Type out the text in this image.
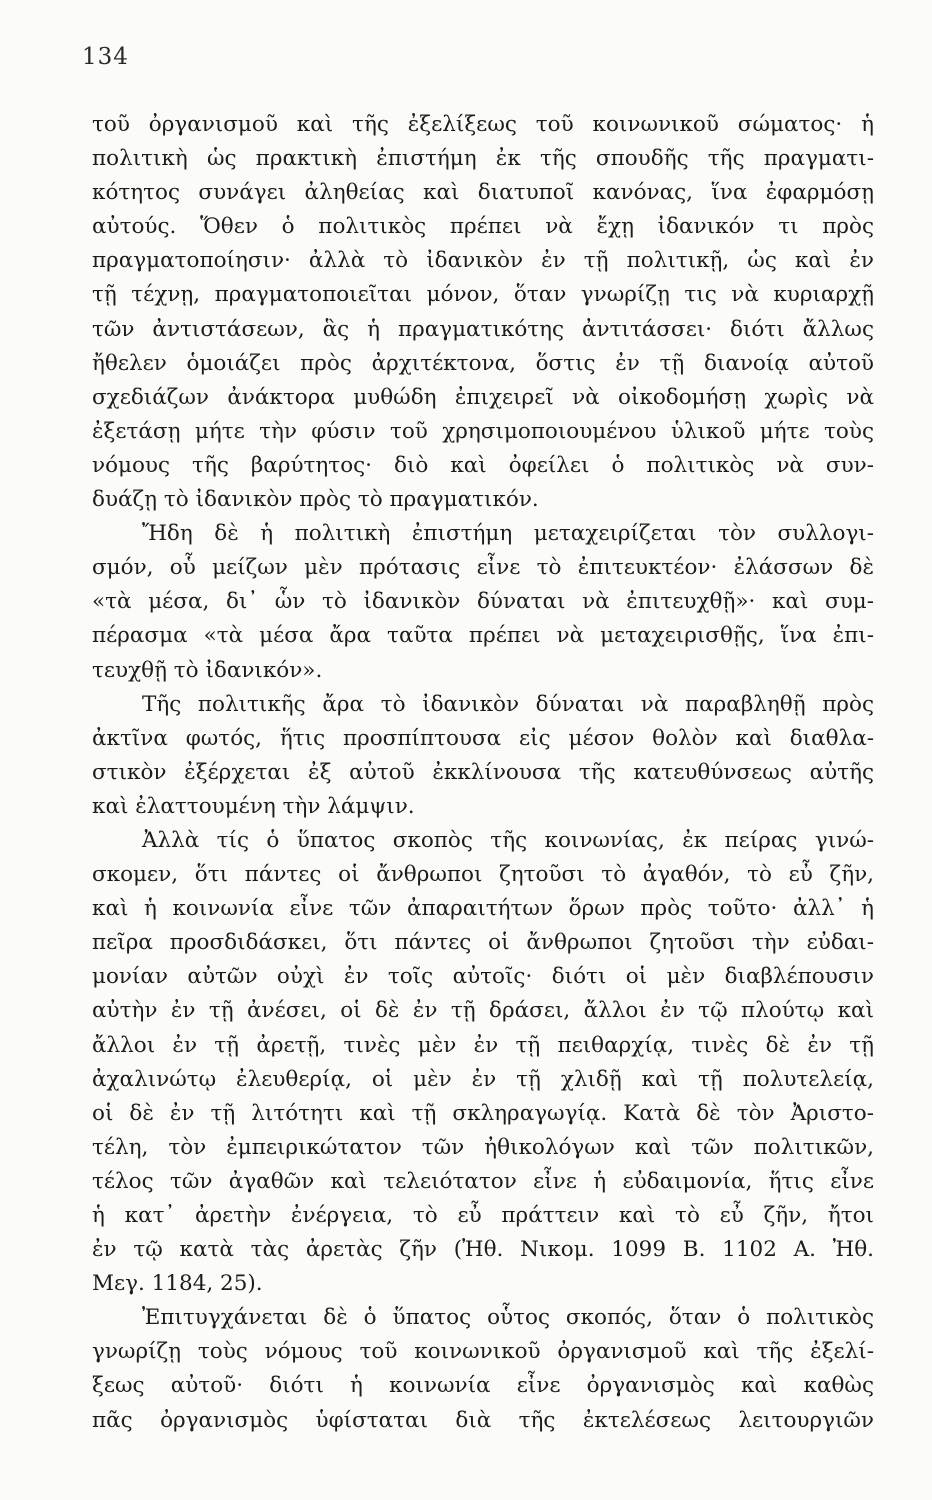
134
τοῦ ὀργανισμοῦ καὶ τῆς ἐξελίξεως τοῦ κοινωνικοῦ σώματος· ἡ
πολιτικὴ ὡς πρακτικὴ ἐπιστήμη ἐκ τῆς σπουδῆς τῆς πραγματι-
κότητος συνάγει ἀληθείας καὶ διατυποῖ κανόνας, ἵνα ἐφαρμόσῃ
αὐτούς. Ὅθεν ὁ πολιτικὸς πρέπει νὰ ἔχῃ ἰδανικόν τι πρὸς
πραγματοποίησιν· ἀλλὰ τὸ ἰδανικὸν ἐν τῇ πολιτικῇ, ὡς καὶ ἐν
τῇ τέχνῃ, πραγματοποιεῖται μόνον, ὅταν γνωρίζῃ τις νὰ κυριαρχῇ
τῶν ἀντιστάσεων, ἃς ἡ πραγματικότης ἀντιτάσσει· διότι ἄλλως
ἤθελεν ὁμοιάζει πρὸς ἀρχιτέκτονα, ὅστις ἐν τῇ διανοίᾳ αὐτοῦ
σχεδιάζων ἀνάκτορα μυθώδη ἐπιχειρεῖ νὰ οἰκοδομήσῃ χωρὶς νὰ
ἐξετάσῃ μήτε τὴν φύσιν τοῦ χρησιμοποιουμένου ὑλικοῦ μήτε τοὺς
νόμους τῆς βαρύτητος· διὸ καὶ ὀφείλει ὁ πολιτικὸς νὰ συν-
δυάζῃ τὸ ἰδανικὸν πρὸς τὸ πραγματικόν.
Ἤδη δὲ ἡ πολιτικὴ ἐπιστήμη μεταχειρίζεται τὸν συλλογι-
σμόν, οὗ μείζων μὲν πρότασις εἶνε τὸ ἐπιτευκτέον· ἐλάσσων δὲ
«τὰ μέσα, δι᾽ ὧν τὸ ἰδανικὸν δύναται νὰ ἐπιτευχθῇ»· καὶ συμ-
πέρασμα «τὰ μέσα ἄρα ταῦτα πρέπει νὰ μεταχειρισθῇς, ἵνα ἐπι-
τευχθῇ τὸ ἰδανικόν».
Τῆς πολιτικῆς ἄρα τὸ ἰδανικὸν δύναται νὰ παραβληθῇ πρὸς
ἀκτῖνα φωτός, ἥτις προσπίπτουσα εἰς μέσον θολὸν καὶ διαθλα-
στικὸν ἐξέρχεται ἐξ αὐτοῦ ἐκκλίνουσα τῆς κατευθύνσεως αὐτῆς
καὶ ἐλαττουμένη τὴν λάμψιν.
Ἀλλὰ τίς ὁ ὕπατος σκοπὸς τῆς κοινωνίας, ἐκ πείρας γινώ-
σκομεν, ὅτι πάντες οἱ ἄνθρωποι ζητοῦσι τὸ ἀγαθόν, τὸ εὖ ζῆν,
καὶ ἡ κοινωνία εἶνε τῶν ἀπαραιτήτων ὅρων πρὸς τοῦτο· ἀλλ᾽ ἡ
πεῖρα προσδιδάσκει, ὅτι πάντες οἱ ἄνθρωποι ζητοῦσι τὴν εὐδαι-
μονίαν αὐτῶν οὐχὶ ἐν τοῖς αὐτοῖς· διότι οἱ μὲν διαβλέπουσιν
αὐτὴν ἐν τῇ ἀνέσει, οἱ δὲ ἐν τῇ δράσει, ἄλλοι ἐν τῷ πλούτῳ καὶ
ἄλλοι ἐν τῇ ἀρετῇ, τινὲς μὲν ἐν τῇ πειθαρχίᾳ, τινὲς δὲ ἐν τῇ
ἀχαλινώτῳ ἐλευθερίᾳ, οἱ μὲν ἐν τῇ χλιδῇ καὶ τῇ πολυτελείᾳ,
οἱ δὲ ἐν τῇ λιτότητι καὶ τῇ σκληραγωγίᾳ. Κατὰ δὲ τὸν Ἀριστο-
τέλη, τὸν ἐμπειρικώτατον τῶν ἠθικολόγων καὶ τῶν πολιτικῶν,
τέλος τῶν ἀγαθῶν καὶ τελειότατον εἶνε ἡ εὐδαιμονία, ἥτις εἶνε
ἡ κατ᾽ ἀρετὴν ἐνέργεια, τὸ εὖ πράττειν καὶ τὸ εὖ ζῆν, ἤτοι
ἐν τῷ κατὰ τὰς ἀρετὰς ζῆν (Ἠθ. Νικομ. 1099 Β. 1102 Α. Ἠθ.
Μεγ. 1184, 25).
Ἐπιτυγχάνεται δὲ ὁ ὕπατος οὗτος σκοπός, ὅταν ὁ πολιτικὸς
γνωρίζῃ τοὺς νόμους τοῦ κοινωνικοῦ ὀργανισμοῦ καὶ τῆς ἐξελί-
ξεως αὐτοῦ· διότι ἡ κοινωνία εἶνε ὀργανισμὸς καὶ καθὼς
πᾶς ὀργανισμὸς ὑφίσταται διὰ τῆς ἐκτελέσεως λειτουργιῶν
